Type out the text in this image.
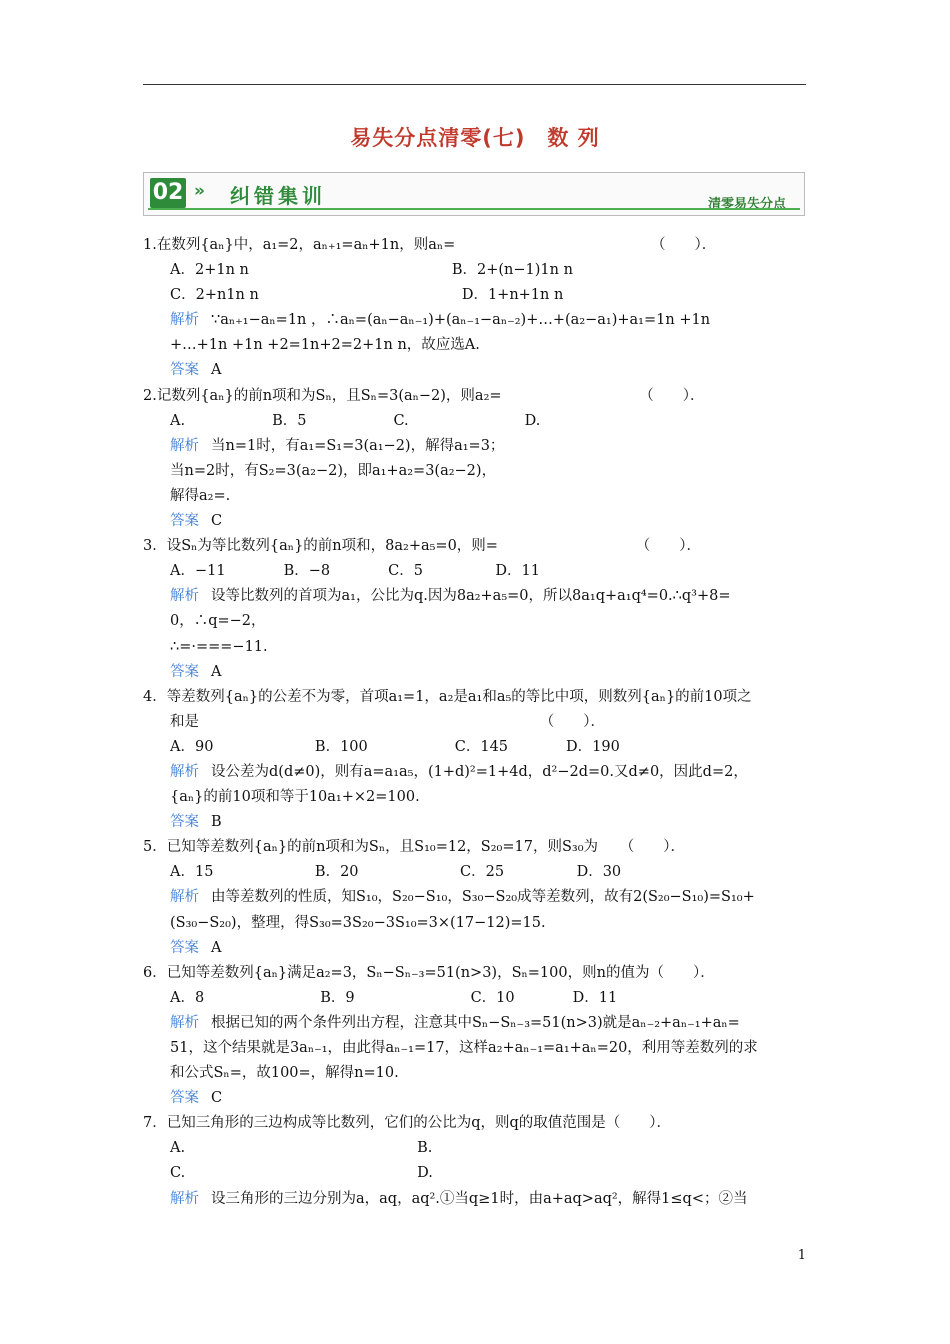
易失分点清零(七)　数 列
02 » 纠错集训	清零易失分点
1.在数列{aₙ}中，a₁=2，aₙ₊₁=aₙ+1n，则aₙ=　　　　　　　　　　　　　　（　　）．
A．2+1n n　　　　　　　　　　　　　　B．2+(n−1)1n n
C．2+n1n n　　　　　　　　　　　　　　D．1+n+1n n
解析 ∵aₙ₊₁−aₙ=1n ，∴aₙ=(aₙ−aₙ₋₁)+(aₙ₋₁−aₙ₋₂)+…+(a₂−a₁)+a₁=1n +1n
+…+1n +1n +2=1n+2=2+1n n，故应选A.
答案 A
2.记数列{aₙ}的前n项和为Sₙ，且Sₙ=3(aₙ−2)，则a₂=　　　　　　　　　　（　　）．
A.　　　　　　B．5　　　　　　C.　　　　　　　　D.
解析 当n=1时，有a₁=S₁=3(a₁−2)，解得a₁=3；
当n=2时，有S₂=3(a₂−2)，即a₁+a₂=3(a₂−2)，
解得a₂=.
答案 C
3．设Sₙ为等比数列{aₙ}的前n项和，8a₂+a₅=0，则=　　　　　　　　　　（　　）．
A．−11　　　　B．−8　　　　C．5　　　　　D．11
解析 设等比数列的首项为a₁，公比为q.因为8a₂+a₅=0，所以8a₁q+a₁q⁴=0.∴q³+8=
0，∴q=−2，
∴=·===−11.
答案 A
4．等差数列{aₙ}的公差不为零，首项a₁=1，a₂是a₁和a₅的等比中项，则数列{aₙ}的前10项之
和是　　　　　　　　　　　　　　　　　　　　　　　　（　　）．
A．90　　　　　　　B．100　　　　　　C．145　　　　D．190
解析 设公差为d(d≠0)，则有a=a₁a₅，(1+d)²=1+4d，d²−2d=0.又d≠0，因此d=2，
{aₙ}的前10项和等于10a₁+×2=100.
答案 B
5．已知等差数列{aₙ}的前n项和为Sₙ，且S₁₀=12，S₂₀=17，则S₃₀为　　（　　）．
A．15　　　　　　　B．20　　　　　　　C．25　　　　　D．30
解析 由等差数列的性质，知S₁₀，S₂₀−S₁₀，S₃₀−S₂₀成等差数列，故有2(S₂₀−S₁₀)=S₁₀+
(S₃₀−S₂₀)，整理，得S₃₀=3S₂₀−3S₁₀=3×(17−12)=15.
答案 A
6．已知等差数列{aₙ}满足a₂=3，Sₙ−Sₙ₋₃=51(n>3)，Sₙ=100，则n的值为（　　）．
A．8　　　　　　　　B．9　　　　　　　　C．10　　　　D．11
解析 根据已知的两个条件列出方程，注意其中Sₙ−Sₙ₋₃=51(n>3)就是aₙ₋₂+aₙ₋₁+aₙ=
51，这个结果就是3aₙ₋₁，由此得aₙ₋₁=17，这样a₂+aₙ₋₁=a₁+aₙ=20，利用等差数列的求
和公式Sₙ=，故100=，解得n=10.
答案 C
7．已知三角形的三边构成等比数列，它们的公比为q，则q的取值范围是（　　）．
A.　　　　　　　　　　　　　　　　B.
C.　　　　　　　　　　　　　　　　D.
解析 设三角形的三边分别为a，aq，aq².①当q≥1时，由a+aq>aq²，解得1≤q<；②当
1
